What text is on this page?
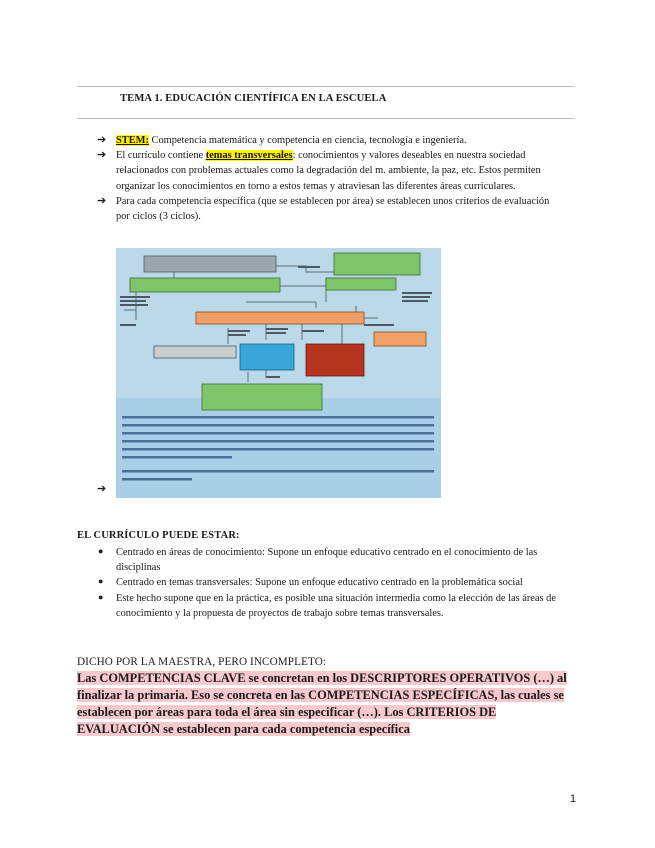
TEMA 1. EDUCACIÓN CIENTÍFICA EN LA ESCUELA
➔ STEM: Competencia matemática y competencia en ciencia, tecnología e ingeniería.
➔ El currículo contiene temas transversales: conocimientos y valores deseables en nuestra sociedad relacionados con problemas actuales como la degradación del m. ambiente, la paz, etc. Estos permiten organizar los conocimientos en torno a estos temas y atraviesan las diferentes áreas curriculares.
➔ Para cada competencia específica (que se establecen por área) se establecen unos criterios de evaluación por ciclos (3 ciclos).
➔
EL CURRÍCULO PUEDE ESTAR:
● Centrado en áreas de conocimiento: Supone un enfoque educativo centrado en el conocimiento de las disciplinas
● Centrado en temas transversales: Supone un enfoque educativo centrado en la problemática social
● Este hecho supone que en la práctica, es posible una situación intermedia como la elección de las áreas de conocimiento y la propuesta de proyectos de trabajo sobre temas transversales.
DICHO POR LA MAESTRA, PERO INCOMPLETO:
Las COMPETENCIAS CLAVE se concretan en los DESCRIPTORES OPERATIVOS (…) al finalizar la primaria. Eso se concreta en las COMPETENCIAS ESPECÍFICAS, las cuales se establecen por áreas para toda el área sin especificar (…). Los CRITERIOS DE EVALUACIÓN se establecen para cada competencia específica
1
